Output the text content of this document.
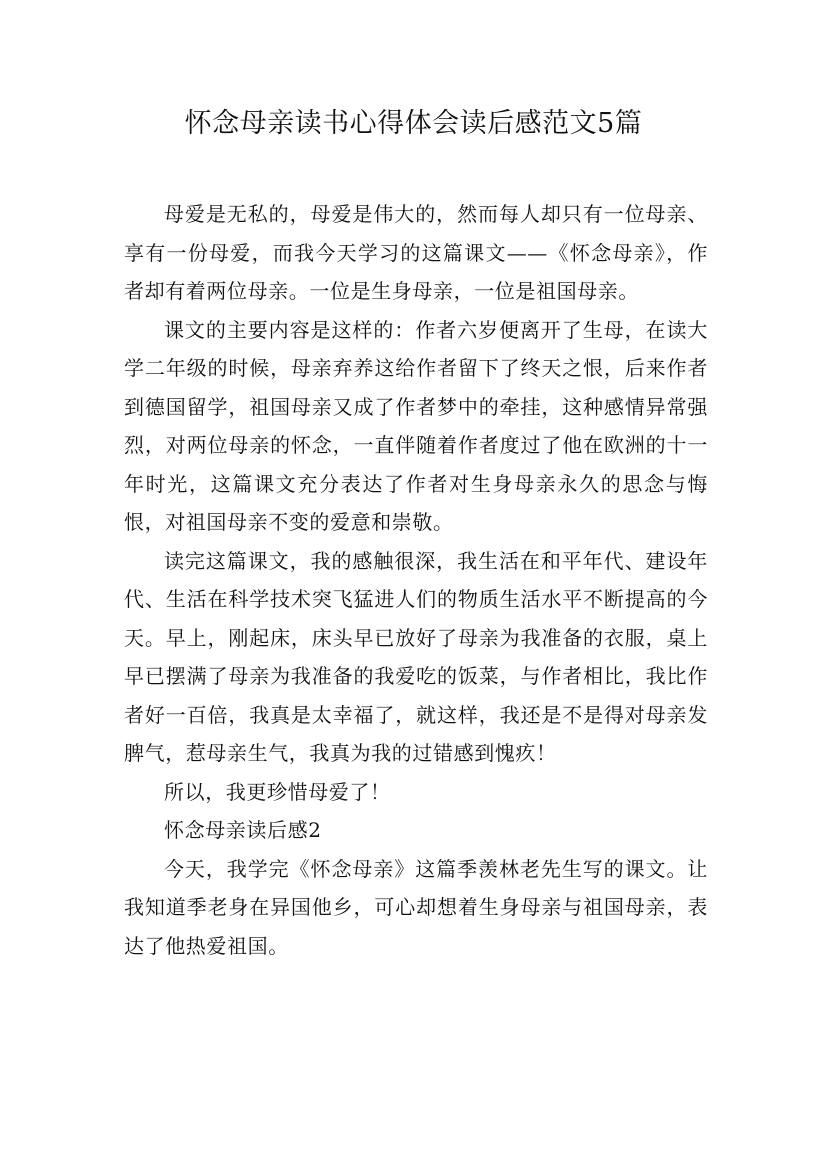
怀念母亲读书心得体会读后感范文5篇

母爱是无私的，母爱是伟大的，然而每人却只有一位母亲、享有一份母爱，而我今天学习的这篇课文——《怀念母亲》，作者却有着两位母亲。一位是生身母亲，一位是祖国母亲。

课文的主要内容是这样的：作者六岁便离开了生母，在读大学二年级的时候，母亲弃养这给作者留下了终天之恨，后来作者到德国留学，祖国母亲又成了作者梦中的牵挂，这种感情异常强烈，对两位母亲的怀念，一直伴随着作者度过了他在欧洲的十一年时光，这篇课文充分表达了作者对生身母亲永久的思念与悔恨，对祖国母亲不变的爱意和崇敬。

读完这篇课文，我的感触很深，我生活在和平年代、建设年代、生活在科学技术突飞猛进人们的物质生活水平不断提高的今天。早上，刚起床，床头早已放好了母亲为我准备的衣服，桌上早已摆满了母亲为我准备的我爱吃的饭菜，与作者相比，我比作者好一百倍，我真是太幸福了，就这样，我还是不是得对母亲发脾气，惹母亲生气，我真为我的过错感到愧疚！

所以，我更珍惜母爱了！

怀念母亲读后感2

今天，我学完《怀念母亲》这篇季羡林老先生写的课文。让我知道季老身在异国他乡，可心却想着生身母亲与祖国母亲，表达了他热爱祖国。
